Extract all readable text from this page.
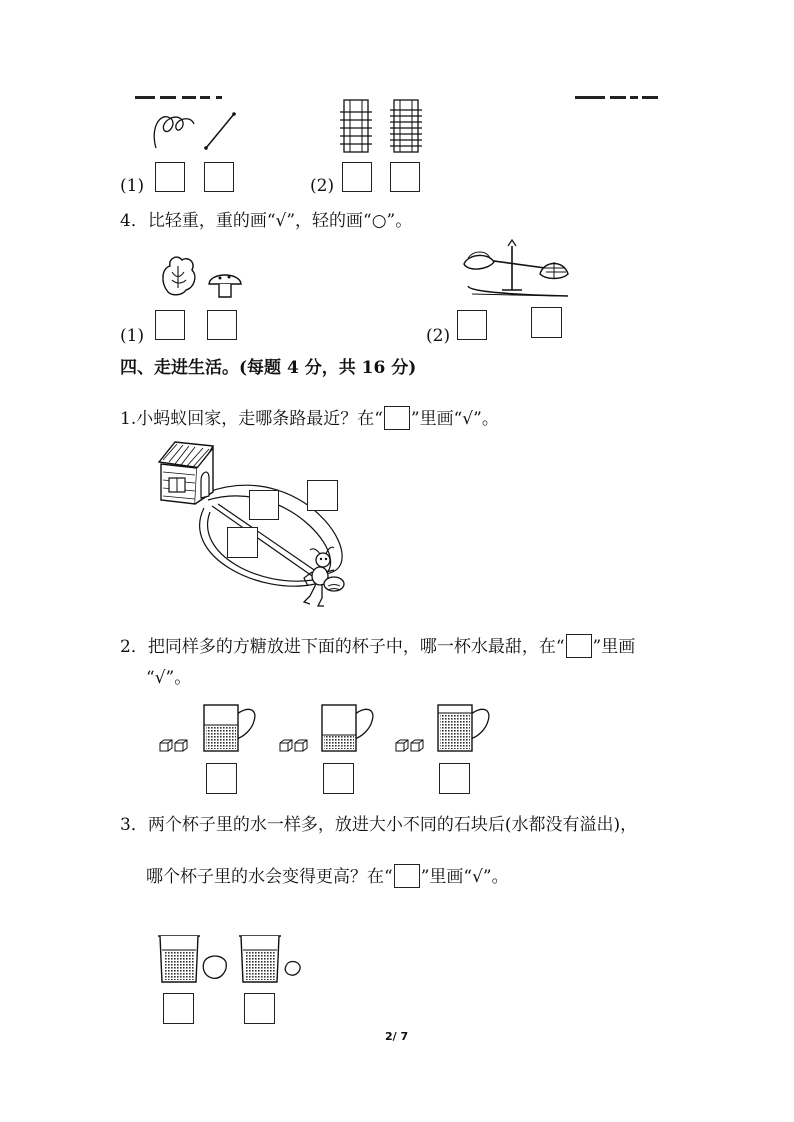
(1)	(2)
4．比轻重，重的画“√”，轻的画“○”。
(1)	(2)
四、走进生活。(每题 4 分，共 16 分)
1.小蚂蚁回家，走哪条路最近？在“ ”里画“√”。
2．把同样多的方糖放进下面的杯子中，哪一杯水最甜，在“ ”里画
“√”。
3．两个杯子里的水一样多，放进大小不同的石块后(水都没有溢出)，
哪个杯子里的水会变得更高？在“ ”里画“√”。
2/ 7
